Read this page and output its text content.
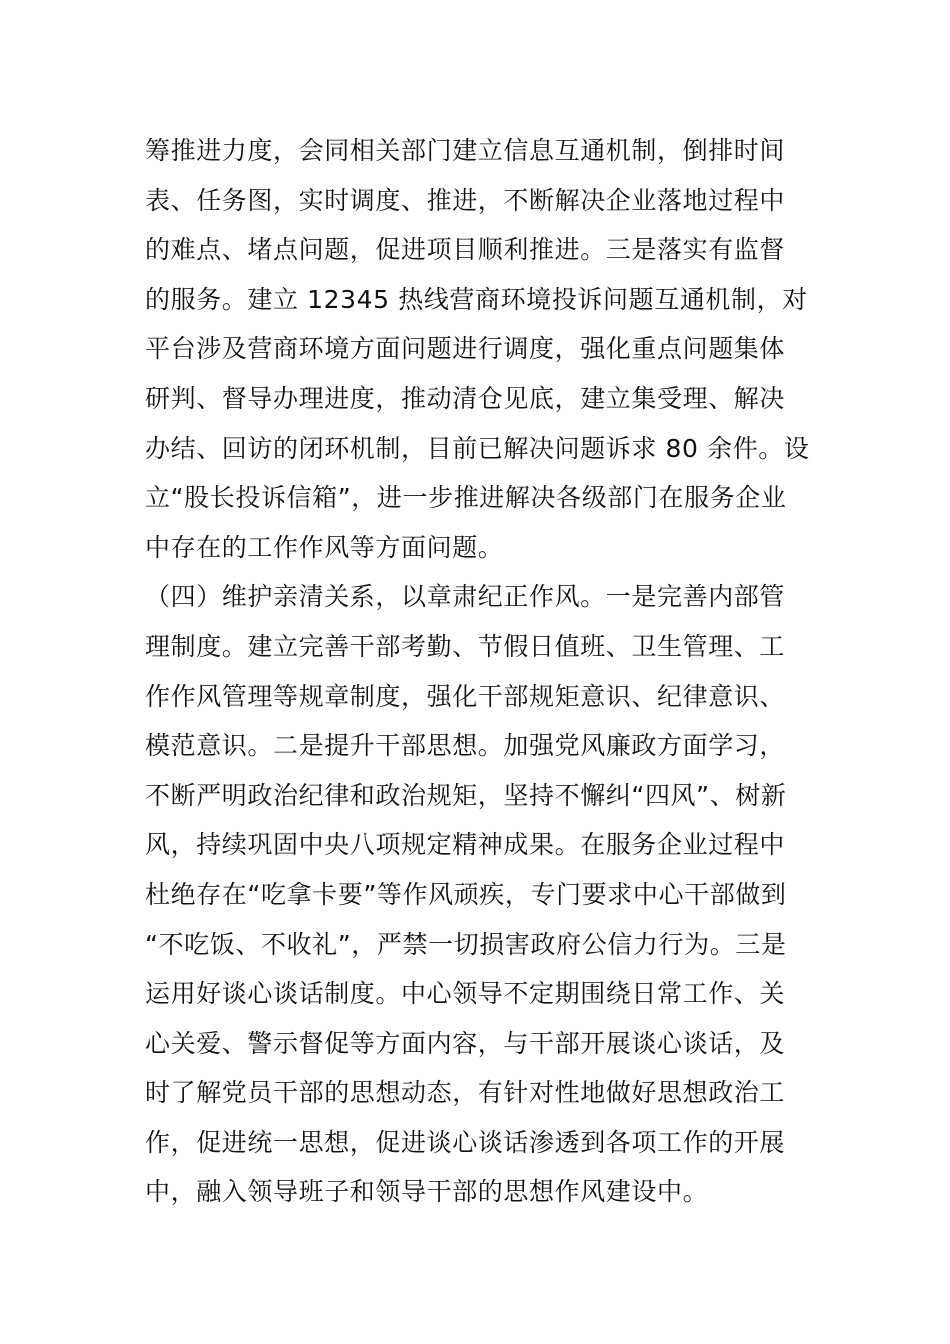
筹推进力度，会同相关部门建立信息互通机制，倒排时间
表、任务图，实时调度、推进，不断解决企业落地过程中
的难点、堵点问题，促进项目顺利推进。三是落实有监督
的服务。建立 12345 热线营商环境投诉问题互通机制，对
平台涉及营商环境方面问题进行调度，强化重点问题集体
研判、督导办理进度，推动清仓见底，建立集受理、解决
办结、回访的闭环机制，目前已解决问题诉求 80 余件。设
立“股长投诉信箱”，进一步推进解决各级部门在服务企业
中存在的工作作风等方面问题。
（四）维护亲清关系，以章肃纪正作风。一是完善内部管
理制度。建立完善干部考勤、节假日值班、卫生管理、工
作作风管理等规章制度，强化干部规矩意识、纪律意识、
模范意识。二是提升干部思想。加强党风廉政方面学习，
不断严明政治纪律和政治规矩，坚持不懈纠“四风”、树新
风，持续巩固中央八项规定精神成果。在服务企业过程中
杜绝存在“吃拿卡要”等作风顽疾，专门要求中心干部做到
“不吃饭、不收礼”，严禁一切损害政府公信力行为。三是
运用好谈心谈话制度。中心领导不定期围绕日常工作、关
心关爱、警示督促等方面内容，与干部开展谈心谈话，及
时了解党员干部的思想动态，有针对性地做好思想政治工
作，促进统一思想，促进谈心谈话渗透到各项工作的开展
中，融入领导班子和领导干部的思想作风建设中。
